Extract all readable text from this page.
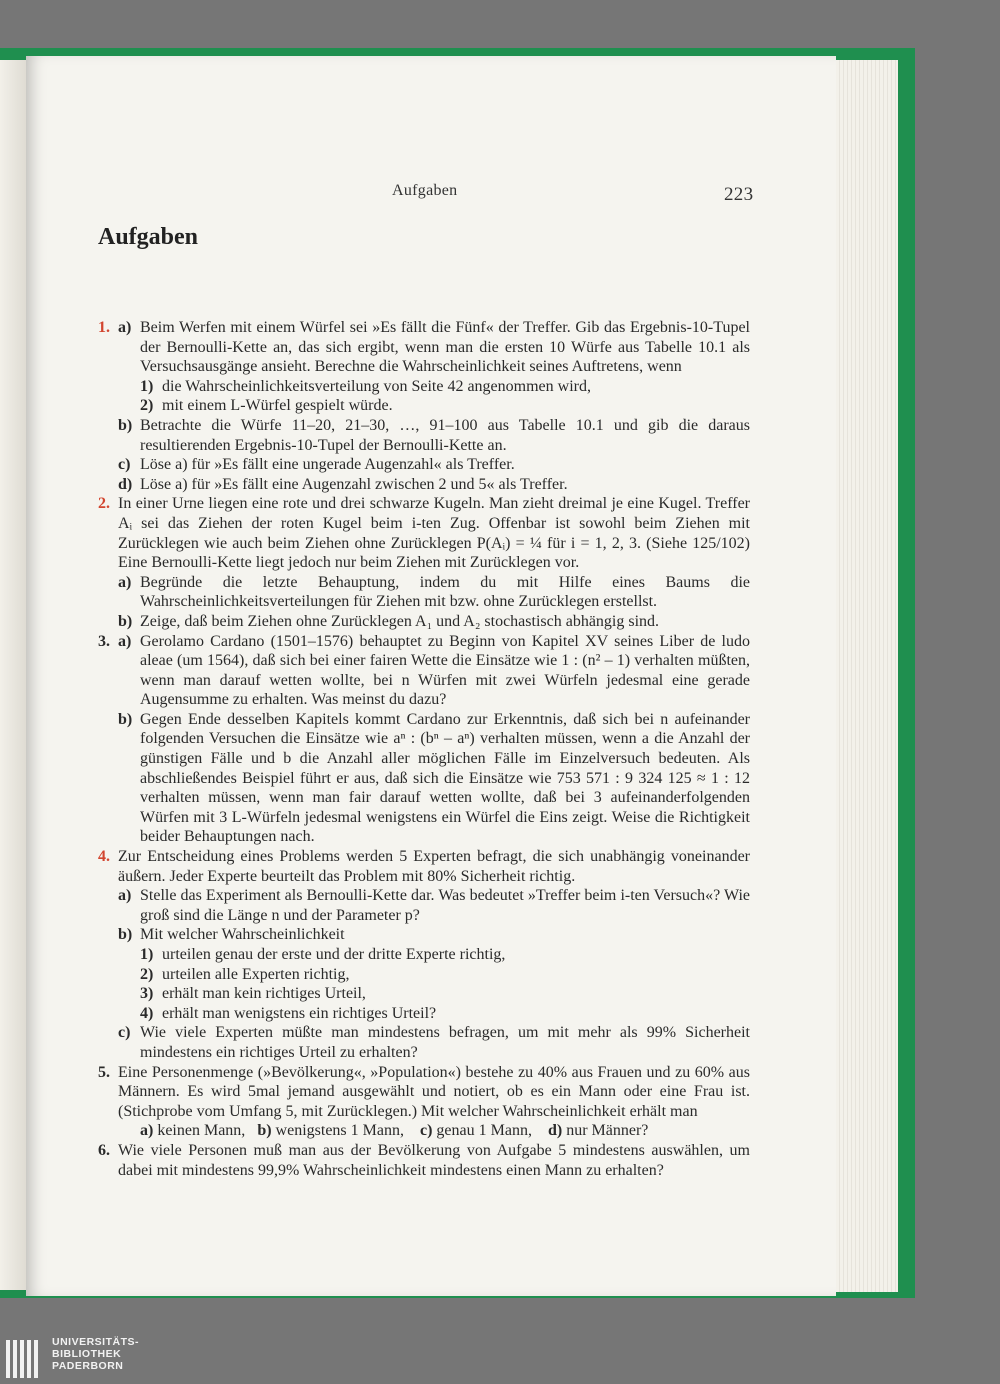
Aufgaben	223
Aufgaben
1. a) Beim Werfen mit einem Würfel sei »Es fällt die Fünf« der Treffer. Gib das Ergebnis-10-Tupel der Bernoulli-Kette an, das sich ergibt, wenn man die ersten 10 Würfe aus Tabelle 10.1 als Versuchsausgänge ansieht. Berechne die Wahrscheinlichkeit seines Auftretens, wenn
1) die Wahrscheinlichkeitsverteilung von Seite 42 angenommen wird,
2) mit einem L-Würfel gespielt würde.
b) Betrachte die Würfe 11–20, 21–30, …, 91–100 aus Tabelle 10.1 und gib die daraus resultierenden Ergebnis-10-Tupel der Bernoulli-Kette an.
c) Löse a) für »Es fällt eine ungerade Augenzahl« als Treffer.
d) Löse a) für »Es fällt eine Augenzahl zwischen 2 und 5« als Treffer.
2. In einer Urne liegen eine rote und drei schwarze Kugeln. Man zieht dreimal je eine Kugel. Treffer Aᵢ sei das Ziehen der roten Kugel beim i-ten Zug. Offenbar ist sowohl beim Ziehen mit Zurücklegen wie auch beim Ziehen ohne Zurücklegen P(Aᵢ) = ¼ für i = 1, 2, 3. (Siehe 125/102) Eine Bernoulli-Kette liegt jedoch nur beim Ziehen mit Zurücklegen vor.
a) Begründe die letzte Behauptung, indem du mit Hilfe eines Baums die Wahrscheinlichkeitsverteilungen für Ziehen mit bzw. ohne Zurücklegen erstellst.
b) Zeige, daß beim Ziehen ohne Zurücklegen A₁ und A₂ stochastisch abhängig sind.
3. a) Gerolamo Cardano (1501–1576) behauptet zu Beginn von Kapitel XV seines Liber de ludo aleae (um 1564), daß sich bei einer fairen Wette die Einsätze wie 1 : (n² – 1) verhalten müßten, wenn man darauf wetten wollte, bei n Würfen mit zwei Würfeln jedesmal eine gerade Augensumme zu erhalten. Was meinst du dazu?
b) Gegen Ende desselben Kapitels kommt Cardano zur Erkenntnis, daß sich bei n aufeinander folgenden Versuchen die Einsätze wie aⁿ : (bⁿ – aⁿ) verhalten müssen, wenn a die Anzahl der günstigen Fälle und b die Anzahl aller möglichen Fälle im Einzelversuch bedeuten. Als abschließendes Beispiel führt er aus, daß sich die Einsätze wie 753 571 : 9 324 125 ≈ 1 : 12 verhalten müssen, wenn man fair darauf wetten wollte, daß bei 3 aufeinanderfolgenden Würfen mit 3 L-Würfeln jedesmal wenigstens ein Würfel die Eins zeigt. Weise die Richtigkeit beider Behauptungen nach.
4. Zur Entscheidung eines Problems werden 5 Experten befragt, die sich unabhängig voneinander äußern. Jeder Experte beurteilt das Problem mit 80% Sicherheit richtig.
a) Stelle das Experiment als Bernoulli-Kette dar. Was bedeutet »Treffer beim i-ten Versuch«? Wie groß sind die Länge n und der Parameter p?
b) Mit welcher Wahrscheinlichkeit
1) urteilen genau der erste und der dritte Experte richtig,
2) urteilen alle Experten richtig,
3) erhält man kein richtiges Urteil,
4) erhält man wenigstens ein richtiges Urteil?
c) Wie viele Experten müßte man mindestens befragen, um mit mehr als 99% Sicherheit mindestens ein richtiges Urteil zu erhalten?
5. Eine Personenmenge (»Bevölkerung«, »Population«) bestehe zu 40% aus Frauen und zu 60% aus Männern. Es wird 5mal jemand ausgewählt und notiert, ob es ein Mann oder eine Frau ist. (Stichprobe vom Umfang 5, mit Zurücklegen.) Mit welcher Wahrscheinlichkeit erhält man
a) keinen Mann, b) wenigstens 1 Mann, c) genau 1 Mann, d) nur Männer?
6. Wie viele Personen muß man aus der Bevölkerung von Aufgabe 5 mindestens auswählen, um dabei mit mindestens 99,9% Wahrscheinlichkeit mindestens einen Mann zu erhalten?
UNIVERSITÄTS-
BIBLIOTHEK
PADERBORN
